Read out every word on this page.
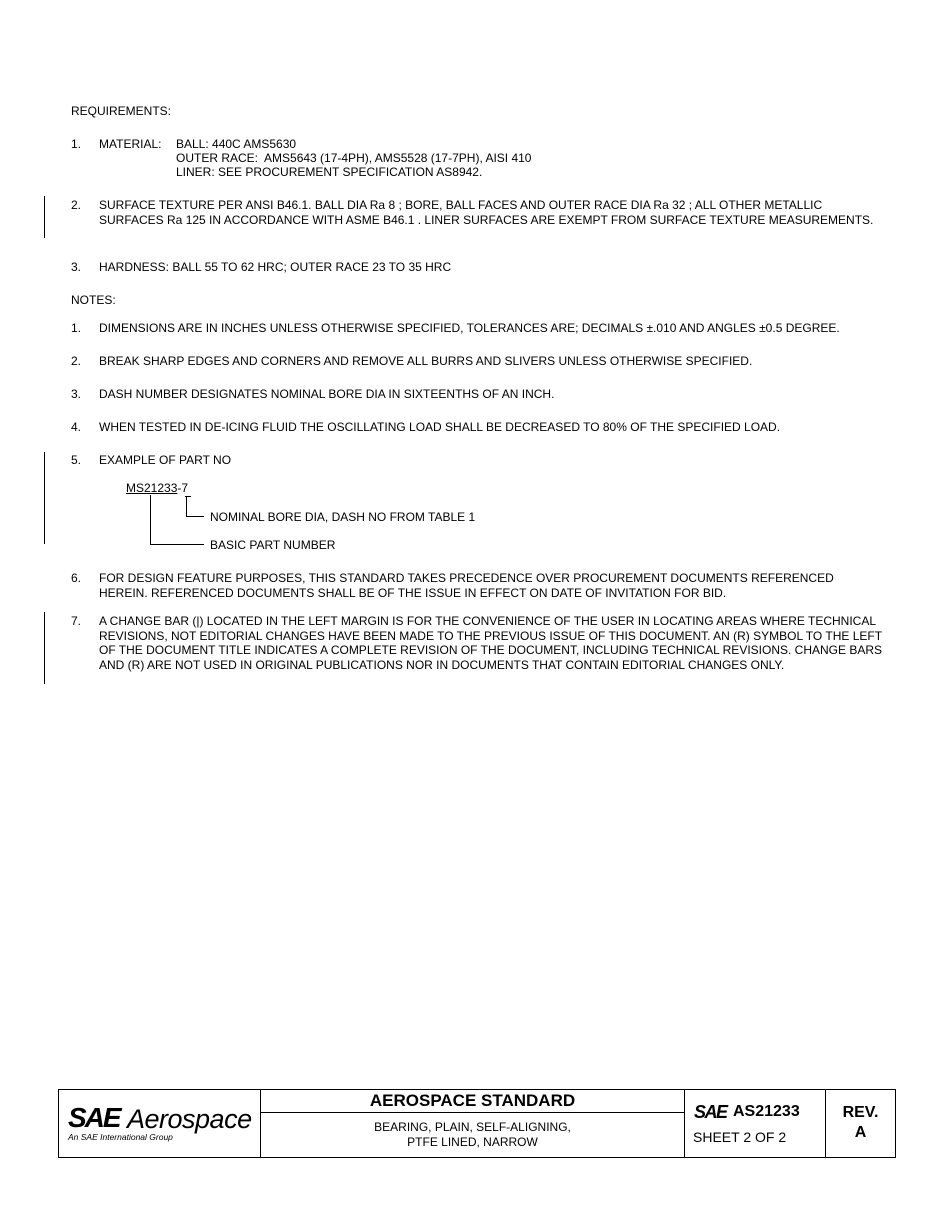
REQUIREMENTS:
1. MATERIAL: BALL: 440C AMS5630
OUTER RACE:  AMS5643 (17-4PH), AMS5528 (17-7PH), AISI 410
LINER: SEE PROCUREMENT SPECIFICATION AS8942.
2. SURFACE TEXTURE PER ANSI B46.1. BALL DIA Ra 8 ; BORE, BALL FACES AND OUTER RACE DIA Ra 32 ; ALL OTHER METALLIC SURFACES Ra 125 IN ACCORDANCE WITH ASME B46.1 . LINER SURFACES ARE EXEMPT FROM SURFACE TEXTURE MEASUREMENTS.
3. HARDNESS: BALL 55 TO 62 HRC; OUTER RACE 23 TO 35 HRC
NOTES:
1. DIMENSIONS ARE IN INCHES UNLESS OTHERWISE SPECIFIED, TOLERANCES ARE; DECIMALS ±.010 AND ANGLES ±0.5 DEGREE.
2. BREAK SHARP EDGES AND CORNERS AND REMOVE ALL BURRS AND SLIVERS UNLESS OTHERWISE SPECIFIED.
3. DASH NUMBER DESIGNATES NOMINAL BORE DIA IN SIXTEENTHS OF AN INCH.
4. WHEN TESTED IN DE-ICING FLUID THE OSCILLATING LOAD SHALL BE DECREASED TO 80% OF THE SPECIFIED LOAD.
5. EXAMPLE OF PART NO
MS21233-7
NOMINAL BORE DIA, DASH NO FROM TABLE 1
BASIC PART NUMBER
6. FOR DESIGN FEATURE PURPOSES, THIS STANDARD TAKES PRECEDENCE OVER PROCUREMENT DOCUMENTS REFERENCED HEREIN. REFERENCED DOCUMENTS SHALL BE OF THE ISSUE IN EFFECT ON DATE OF INVITATION FOR BID.
7. A CHANGE BAR (|) LOCATED IN THE LEFT MARGIN IS FOR THE CONVENIENCE OF THE USER IN LOCATING AREAS WHERE TECHNICAL REVISIONS, NOT EDITORIAL CHANGES HAVE BEEN MADE TO THE PREVIOUS ISSUE OF THIS DOCUMENT. AN (R) SYMBOL TO THE LEFT OF THE DOCUMENT TITLE INDICATES A COMPLETE REVISION OF THE DOCUMENT, INCLUDING TECHNICAL REVISIONS. CHANGE BARS AND (R) ARE NOT USED IN ORIGINAL PUBLICATIONS NOR IN DOCUMENTS THAT CONTAIN EDITORIAL CHANGES ONLY.
SAE Aerospace
An SAE International Group
AEROSPACE STANDARD
BEARING, PLAIN, SELF-ALIGNING,
PTFE LINED, NARROW
SAE AS21233
SHEET 2 OF 2
REV.
A
